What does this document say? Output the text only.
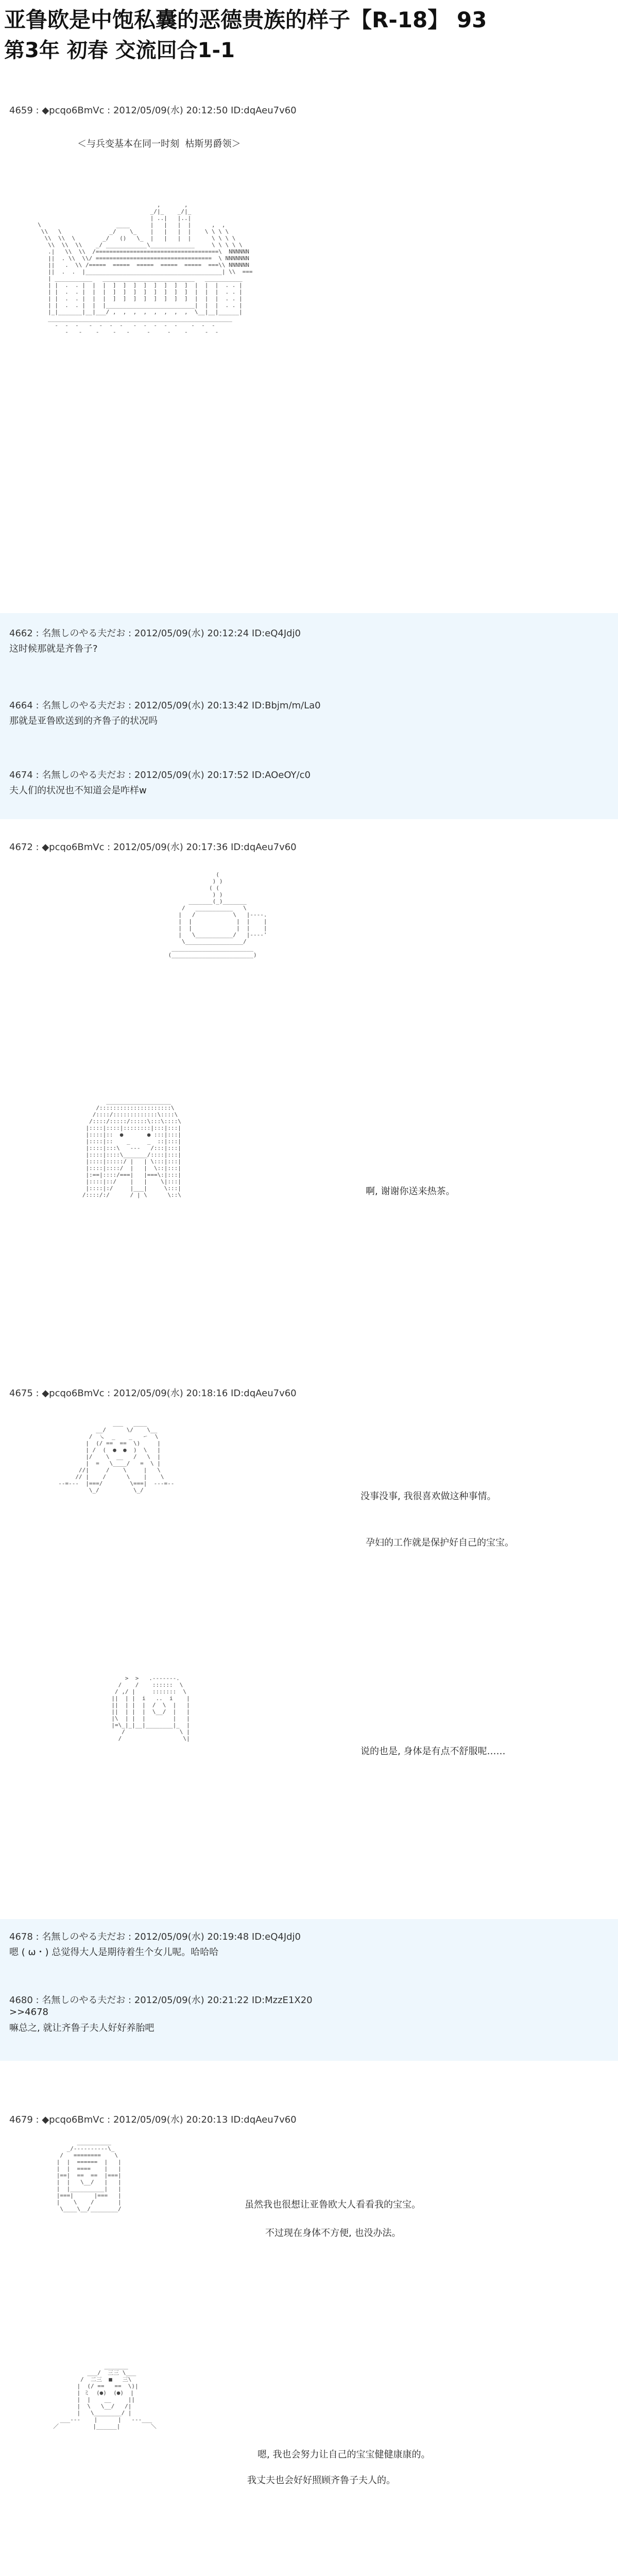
亚鲁欧是中饱私囊的恶德贵族的样子【R-18】 93
第3年 初春 交流回合1-1
4659 : ◆pcqo6BmVc : 2012/05/09(水) 20:12:50 ID:dqAeu7v60
＜与兵变基本在同一时刻  枯斯男爵领＞
,       ,
_/|_    _/|_
| ..|   |..|
\                      ____      |   |   |  |      ,  ,
\\   \              _/    \_    |   |   |  |    \ \ \ \
\\  \\  \        _/   ()   \_  |   |   |  |      \ \ \ \
\\  \\  \\    _/ ____________\_____________     \ \ \ \ \
.|   \\  \\  /====================================\  NNNNNN
||  . \\  \\/ ==================================  \ NNNNNNN
||   .  \\ /=====  =====  =====  =====  =====  ===\\ NNNNNN
||  .  .  |________________________________________| \\  ===
| ___________   ___________________________   ___________
| |  .  . |  |  |  ]  ]  ]  ]  ]  ]  ]  ]  |  |  |  . . |
| |  .  . |  |  |  ]  ]  ]  ]  ]  ]  ]  ]  |  |  |  . . |
| |  .  . |  |  |  ]  ]  ]  ]  ]  ]  ]  ]  |  |  |  . . |
| |  .  . |  |  |__________________________|  |  |  . . |
|_|_______|__|___/ ,  ,  ,  ,  ,  ,  ,  ,  \__|__|______|
______________________________________________________
-  -  -   -  -  -  -   -  -  -  -  -    -  -  -
-   -    -    -   -     -     -    -     -  -

4662 : 名無しのやる夫だお : 2012/05/09(水) 20:12:24 ID:eQ4Jdj0
这时候那就是齐鲁子?
4664 : 名無しのやる夫だお : 2012/05/09(水) 20:13:42 ID:Bbjm/m/La0
那就是亚鲁欧送到的齐鲁子的状况吗
4674 : 名無しのやる夫だお : 2012/05/09(水) 20:17:52 ID:AOeOY/c0
夫人们的状况也不知道会是咋样w
4672 : ◆pcqo6BmVc : 2012/05/09(水) 20:17:36 ID:dqAeu7v60
(
) )
( (
) )
_______(_)_______
/   ___________   \
|   /           \   |----.
|  |             |  |    |
|  |             |  |    |
|   \___________/   |----'
\_________________/
________________________
(________________________)

___________________
/:::::::::::::::::::::\
/::::/:::::::::::::\::::\
/::::/:::::/:::::\:::\::::\
|::::|::::|::::::::|:::|:::|
|::::|::  ●       ● :::|:::|
|::::|::    _     _  ::|:::|
|::::|:::\   ---   /:::|:::|
|::::|::::\_______/::::|:::|
|::::|:::::/ |   | \:::|:::|
|::::|::::/  |   |  \::|:::|
|:==|::::/===|   |===\:|:::|
|::::|::/    |   |    \|:::|
|::::|:/     |___|     \:::|
/::::/:/      / | \      \::\	啊, 谢谢你送来热茶。
4675 : ◆pcqo6BmVc : 2012/05/09(水) 20:18:16 ID:dqAeu7v60
___   ____
__/      \/    \__
/  ㇏  _    _   ㇀  \
|  (/ ==  ==  \)     |
| /  (  ●  ●  )  \   |
|/    \  __   /   \  |
|  =   \____/   =  \ |
//|     /    \     |   \
// |    /      \    |    \
--=---  |===/        \===|  ---=--
\_/          \_/

没事没事, 我很喜欢做这种事情。
孕妇的工作就是保护好自己的宝宝。
>  >   .-------.
/    /    ::::::  \
/ ,/ |     :::::::  \
||  | |  i   ..  i    |
||  | |  |  /  \  |   |
||  | |  |  \__/  |   |
|\  | |  |        |   |
|=\_|_|__|________|_  |
/                \ |
/                  \|

说的也是, 身体是有点不舒服呢……
4678 : 名無しのやる夫だお : 2012/05/09(水) 20:19:48 ID:eQ4Jdj0
嗯 ( ω・) 总觉得大人是期待着生个女儿呢。哈哈哈
4680 : 名無しのやる夫だお : 2012/05/09(水) 20:21:22 ID:MzzE1X20
>>4678
嘛总之, 就让齐鲁子夫人好好养胎吧
4679 : ◆pcqo6BmVc : 2012/05/09(水) 20:20:13 ID:dqAeu7v60
__________
_/----------\_
/   ========    \
|  |  ======  |   |
|  |  ====    |   |
|==|  ==  ==  |===|
|  |   \__/   |   |
|  |__________|   |
|===|      |===   |
|    \    /       |
\____\__/________/	虽然我也很想让亚鲁欧大人看看我的宝宝。
不过现在身体不方便, 也没办法。
_______
___/  三三 \___
/  二三  ■   三\
|  (/ ==   ==  \)|
| ミ  (●)  (●)  |
|  |    __     ||
|  \   \__/   /|
|   \________/ |
___---    |      |   ---___
／          |______|         ＼

嗯, 我也会努力让自己的宝宝健健康康的。
我丈夫也会好好照顾齐鲁子夫人的。
